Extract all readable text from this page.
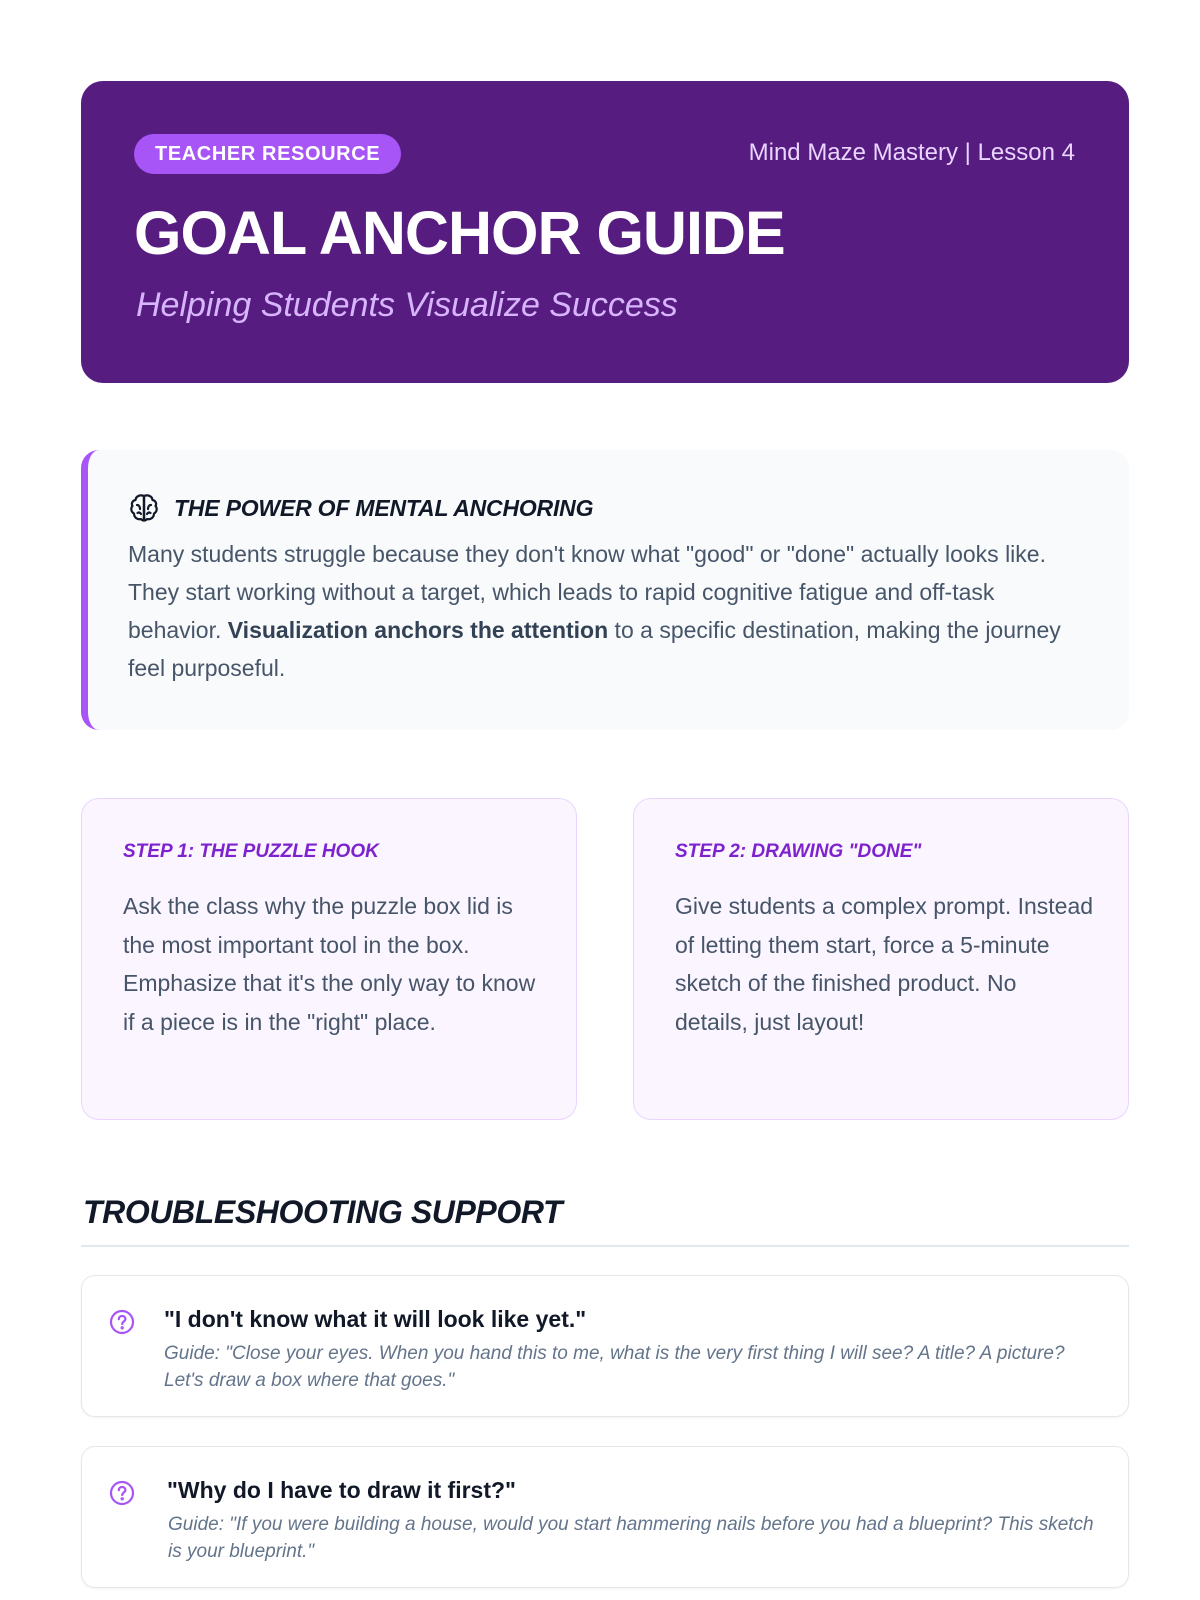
TEACHER RESOURCE	Mind Maze Mastery | Lesson 4
GOAL ANCHOR GUIDE
Helping Students Visualize Success
THE POWER OF MENTAL ANCHORING

Many students struggle because they don't know what "good" or "done" actually looks like. They start working without a target, which leads to rapid cognitive fatigue and off-task behavior. Visualization anchors the attention to a specific destination, making the journey feel purposeful.

STEP 1: THE PUZZLE HOOK

Ask the class why the puzzle box lid is the most important tool in the box. Emphasize that it's the only way to know if a piece is in the "right" place.

STEP 2: DRAWING "DONE"

Give students a complex prompt. Instead of letting them start, force a 5-minute sketch of the finished product. No details, just layout!

TROUBLESHOOTING SUPPORT
"I don't know what it will look like yet."

Guide: "Close your eyes. When you hand this to me, what is the very first thing I will see? A title? A picture? Let's draw a box where that goes."

"Why do I have to draw it first?"

Guide: "If you were building a house, would you start hammering nails before you had a blueprint? This sketch is your blueprint."
